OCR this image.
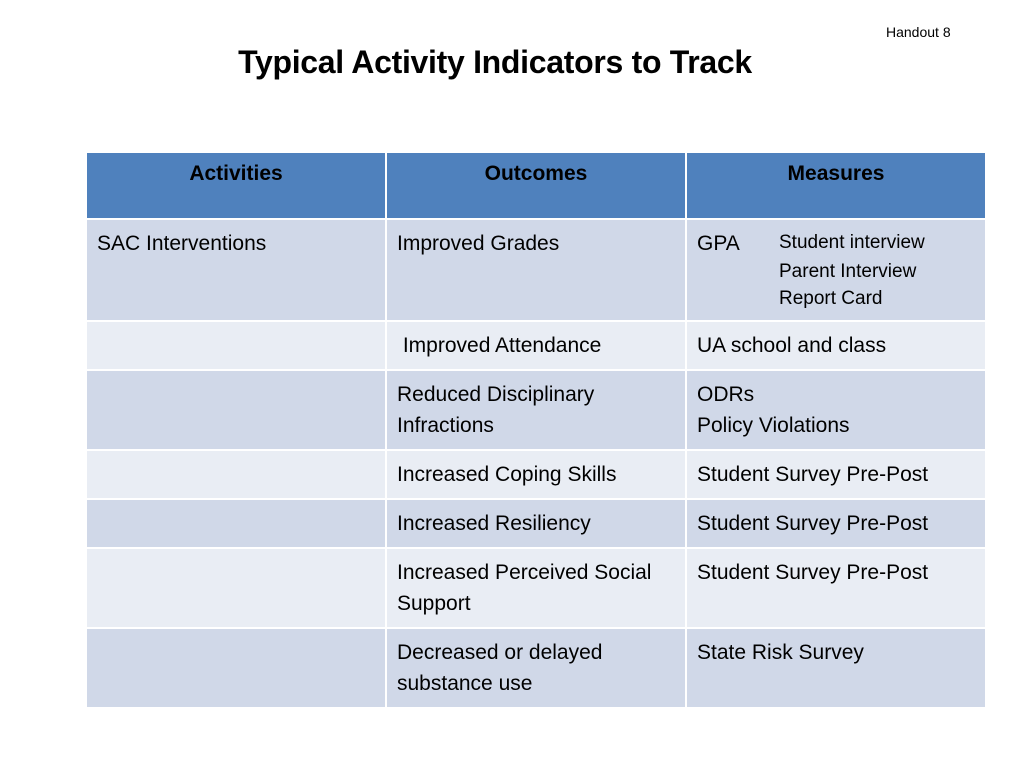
Handout 8
Typical Activity Indicators to Track
Activities	Outcomes	Measures
SAC Interventions	Improved Grades	GPA Student interview
Parent Interview
Report Card

	Improved Attendance	UA school and class
	Reduced Disciplinary Infractions	ODRs
Policy Violations

	Increased Coping Skills	Student Survey Pre-Post
	Increased Resiliency	Student Survey Pre-Post
	Increased Perceived Social Support	Student Survey Pre-Post
	Decreased or delayed substance use	State Risk Survey
